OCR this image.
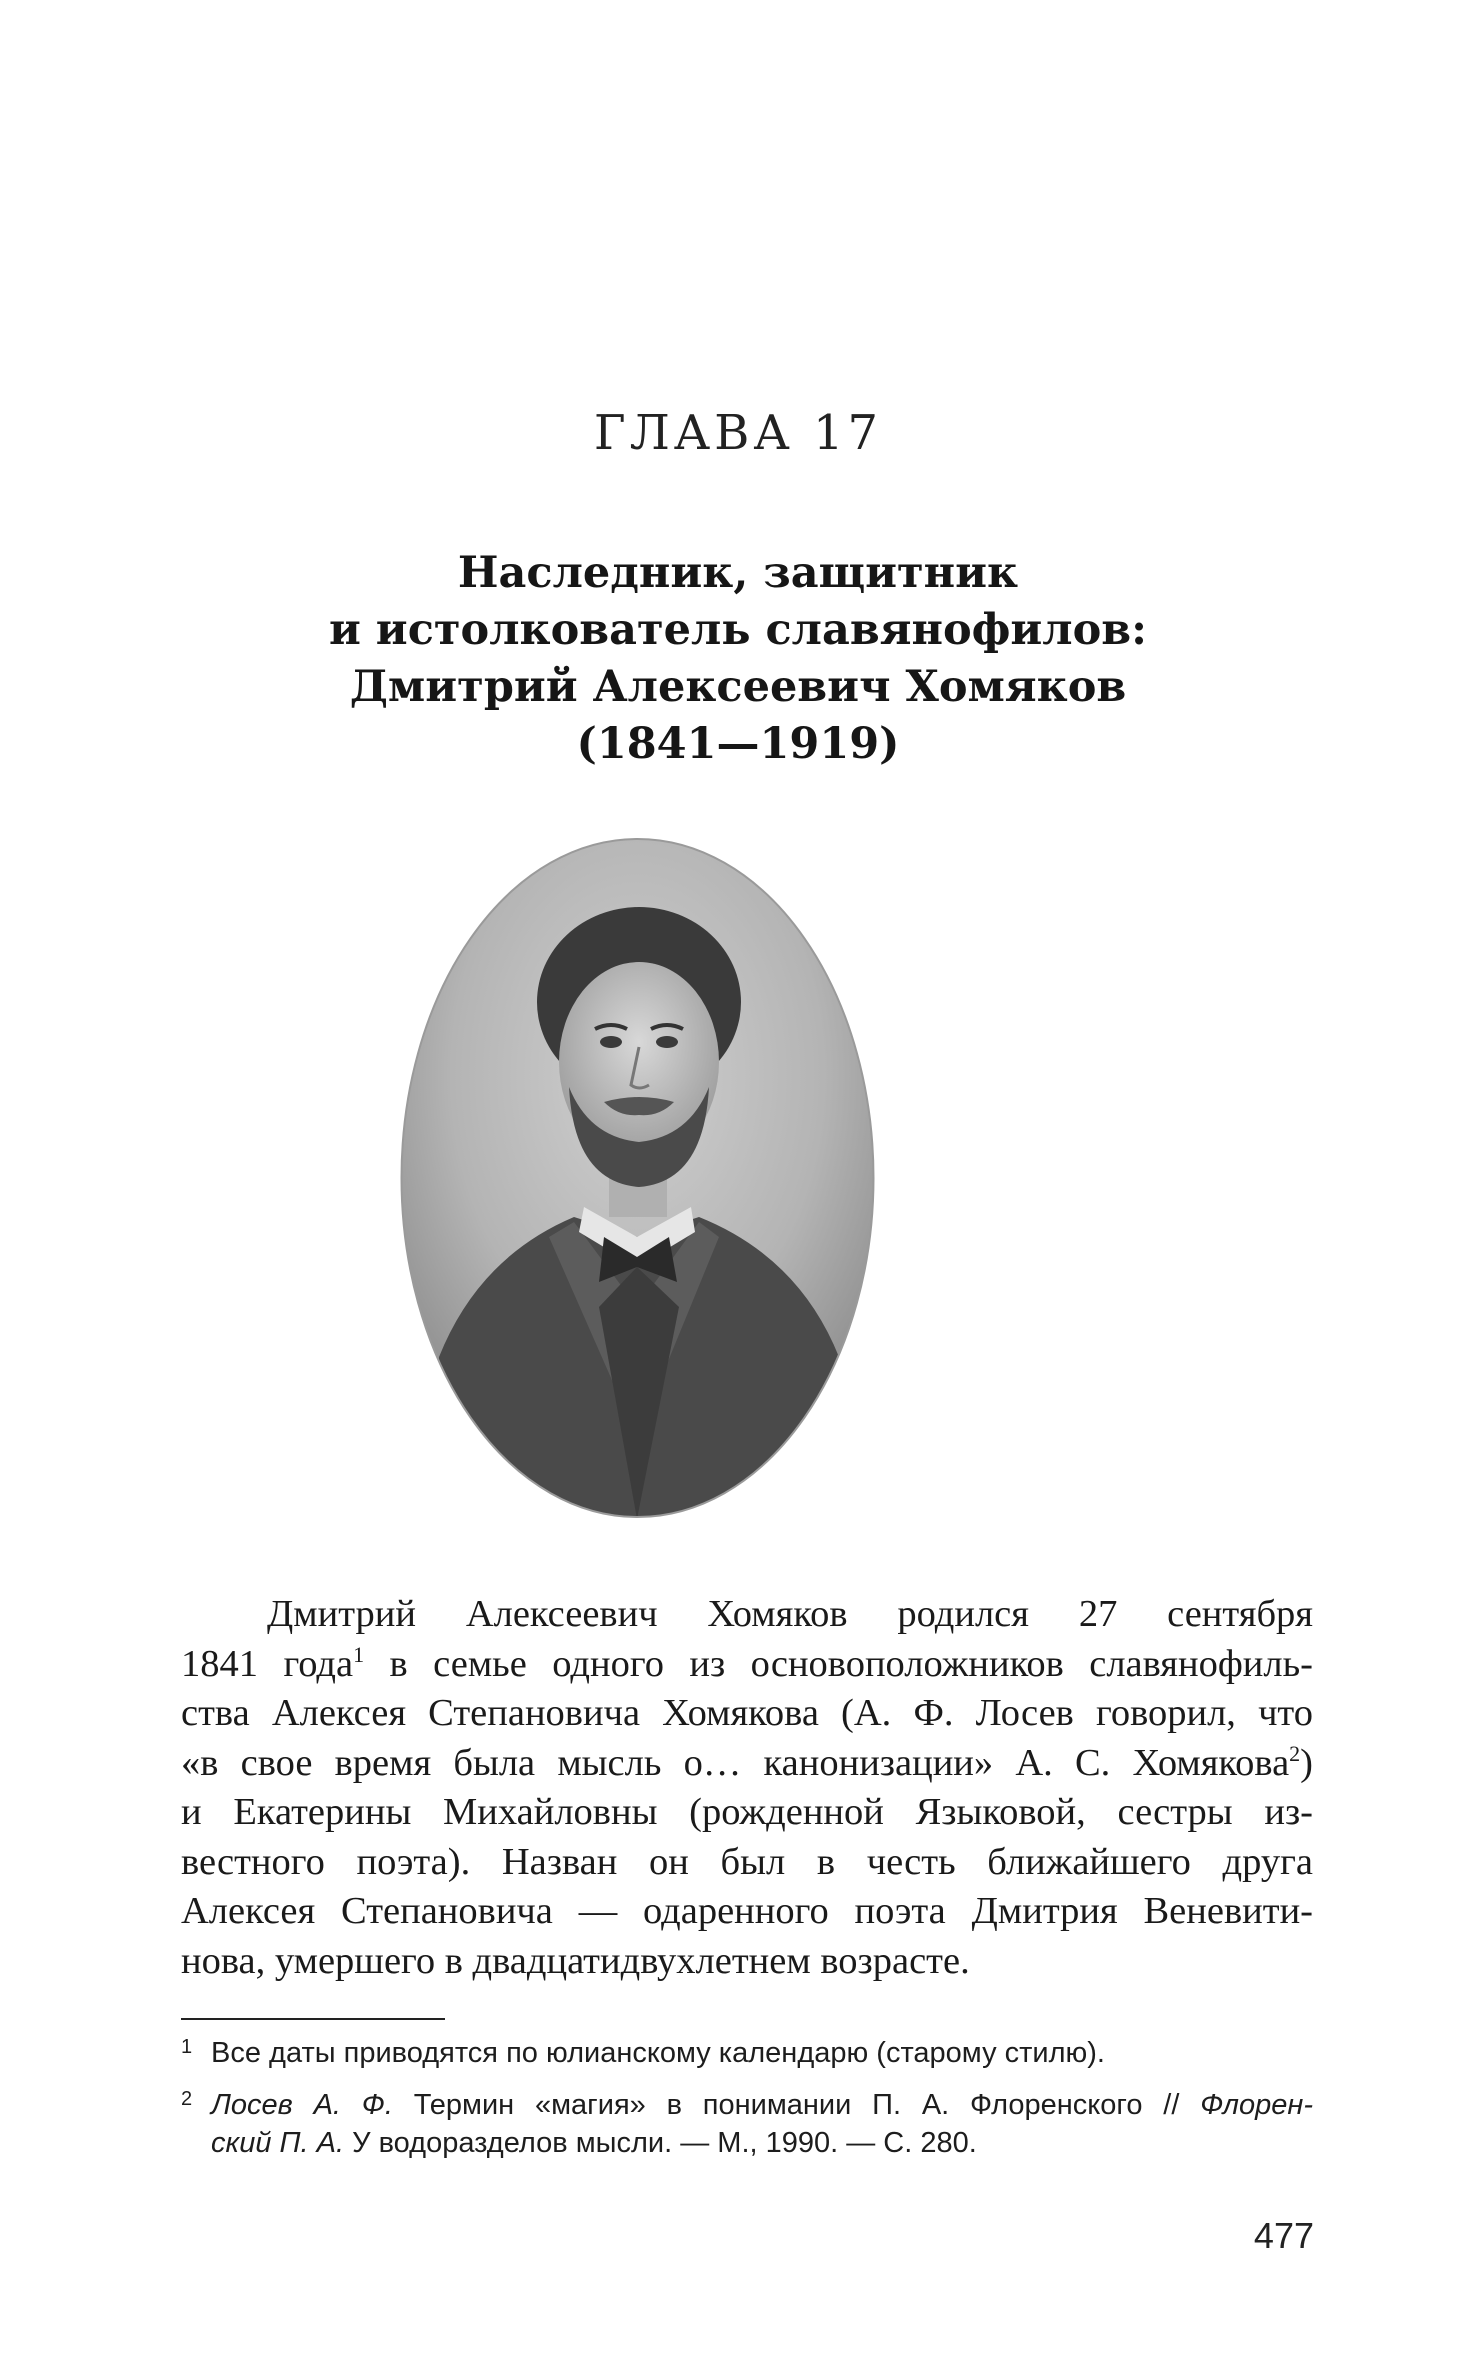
ГЛАВА 17
Наследник, защитник
и истолкователь славянофилов:
Дмитрий Алексеевич Хомяков
(1841—1919)
Дмитрий Алексеевич Хомяков родился 27 сентября
1841 года$^1$ в семье одного из основоположников славянофиль-
ства Алексея Степановича Хомякова (А. Ф. Лосев говорил, что
«в свое время была мысль о… канонизации» А. С. Хомякова$^2$)
и Екатерины Михайловны (рожденной Языковой, сестры из-
вестного поэта). Назван он был в честь ближайшего друга
Алексея Степановича — одаренного поэта Дмитрия Веневити-
нова, умершего в двадцатидвухлетнем возрасте.
1 Все даты приводятся по юлианскому календарю (старому стилю).
2 Лосев А. Ф. Термин «магия» в понимании П. А. Флоренского // Флорен-
ский П. А. У водоразделов мысли. — М., 1990. — С. 280.
477
